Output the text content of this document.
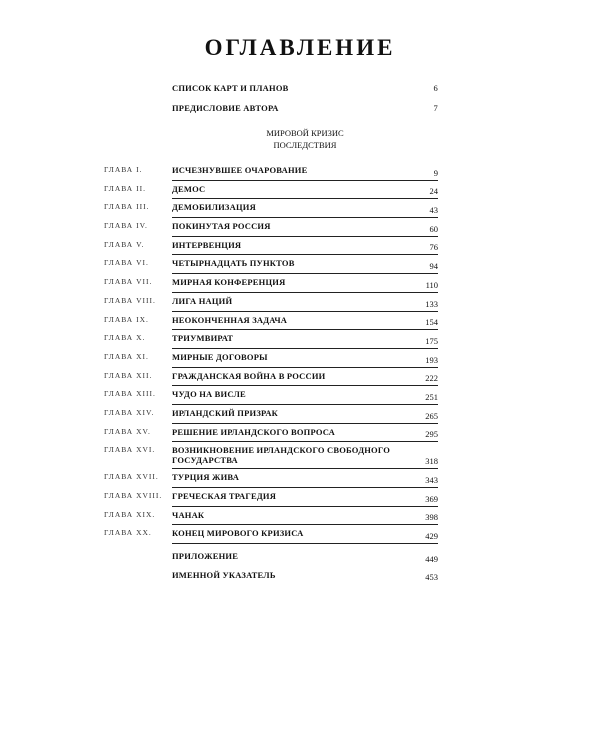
ОГЛАВЛЕНИЕ
СПИСОК КАРТ И ПЛАНОВ	6
ПРЕДИСЛОВИЕ АВТОРА	7
МИРОВОЙ КРИЗИС
ПОСЛЕДСТВИЯ
ГЛАВА I.	ИСЧЕЗНУВШЕЕ ОЧАРОВАНИЕ	9
ГЛАВА II.	ДЕМОС	24
ГЛАВА III.	ДЕМОБИЛИЗАЦИЯ	43
ГЛАВА IV.	ПОКИНУТАЯ РОССИЯ	60
ГЛАВА V.	ИНТЕРВЕНЦИЯ	76
ГЛАВА VI.	ЧЕТЫРНАДЦАТЬ ПУНКТОВ	94
ГЛАВА VII. МИРНАЯ КОНФЕРЕНЦИЯ	110
ГЛАВА VIII. ЛИГА НАЦИЙ	133
ГЛАВА IX.	НЕОКОНЧЕННАЯ ЗАДАЧА	154
ГЛАВА X.	ТРИУМВИРАТ	175
ГЛАВА XI.	МИРНЫЕ ДОГОВОРЫ	193
ГЛАВА XII. ГРАЖДАНСКАЯ ВОЙНА В РОССИИ	222
ГЛАВА XIII. ЧУДО НА ВИСЛЕ	251
ГЛАВА XIV. ИРЛАНДСКИЙ ПРИЗРАК	265
ГЛАВА XV. РЕШЕНИЕ ИРЛАНДСКОГО ВОПРОСА	295
ГЛАВА XVI. ВОЗНИКНОВЕНИЕ ИРЛАНДСКОГО СВОБОДНОГО ГОСУДАРСТВА	318
ГЛАВА XVII. ТУРЦИЯ ЖИВА	343
ГЛАВА XVIII. ГРЕЧЕСКАЯ ТРАГЕДИЯ	369
ГЛАВА XIX. ЧАНАК	398
ГЛАВА XX. КОНЕЦ МИРОВОГО КРИЗИСА	429
ПРИЛОЖЕНИЕ	449
ИМЕННОЙ УКАЗАТЕЛЬ	453
